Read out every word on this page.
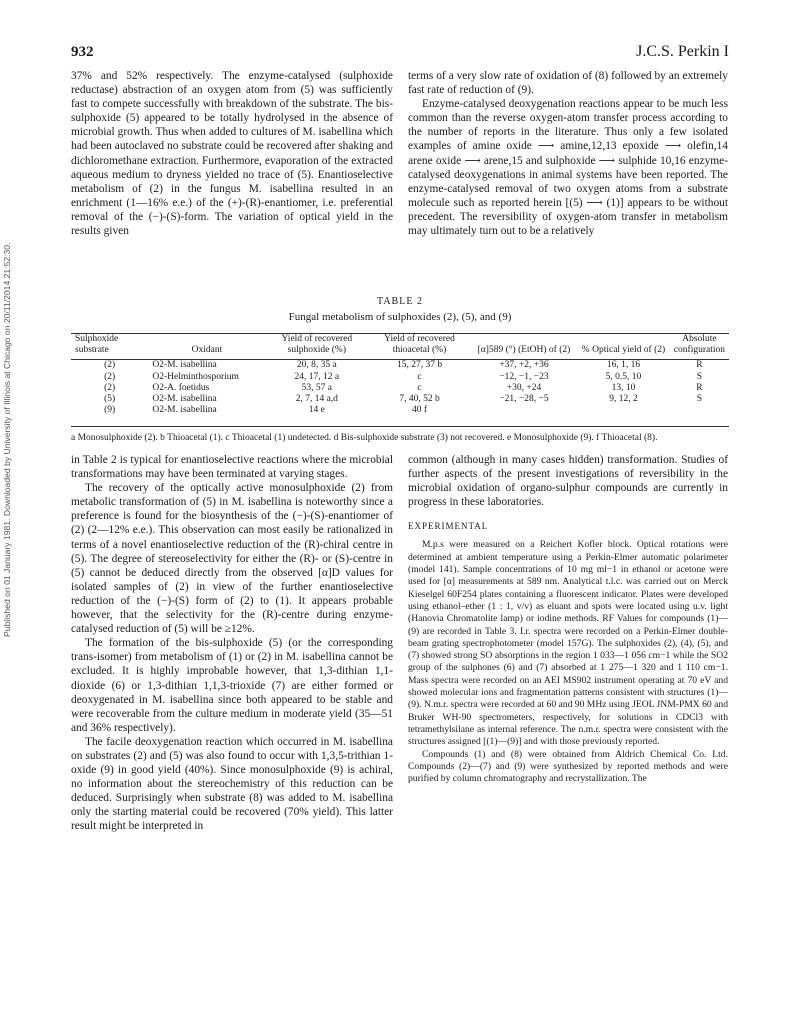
Published on 01 January 1981. Downloaded by University of Illinois at Chicago on 20/11/2014 21:52:30.
932	J.C.S. Perkin I

37% and 52% respectively. The enzyme-catalysed (sulphoxide reductase) abstraction of an oxygen atom from (5) was sufficiently fast to compete successfully with breakdown of the substrate. The bis-sulphoxide (5) appeared to be totally hydrolysed in the absence of microbial growth. Thus when added to cultures of M. isabellina which had been autoclaved no substrate could be recovered after shaking and dichloromethane extraction. Furthermore, evaporation of the extracted aqueous medium to dryness yielded no trace of (5). Enantioselective metabolism of (2) in the fungus M. isabellina resulted in an enrichment (1—16% e.e.) of the (+)-(R)-enantiomer, i.e. preferential removal of the (−)-(S)-form. The variation of optical yield in the results given

terms of a very slow rate of oxidation of (8) followed by an extremely fast rate of reduction of (9).

Enzyme-catalysed deoxygenation reactions appear to be much less common than the reverse oxygen-atom transfer process according to the number of reports in the literature. Thus only a few isolated examples of amine oxide ⟶ amine,12,13 epoxide ⟶ olefin,14 arene oxide ⟶ arene,15 and sulphoxide ⟶ sulphide 10,16 enzyme-catalysed deoxygenations in animal systems have been reported. The enzyme-catalysed removal of two oxygen atoms from a substrate molecule such as reported herein [(5) ⟶ (1)] appears to be without precedent. The reversibility of oxygen-atom transfer in metabolism may ultimately turn out to be a relatively

TABLE 2
Fungal metabolism of sulphoxides (2), (5), and (9)
Sulphoxide substrate	Oxidant	Yield of recovered sulphoxide (%)	Yield of recovered thioacetal (%)	[α]589 (°) (EtOH) of (2)	% Optical yield of (2)	Absolute configuration
(2)	O2-M. isabellina	20, 8, 35 a	15, 27, 37 b	+37, +2, +36	16, 1, 16	R
(2)	O2-Helminthosporium	24, 17, 12 a	c	−12, −1, −23	5, 0.5, 10	S
(2)	O2-A. foetidus	53, 57 a	c	+30, +24	13, 10	R
(5)	O2-M. isabellina	2, 7, 14 a,d	7, 40, 52 b	−21, −28, −5	9, 12, 2	S
(9)	O2-M. isabellina	14 e	40 f			
a Monosulphoxide (2). b Thioacetal (1). c Thioacetal (1) undetected. d Bis-sulphoxide substrate (3) not recovered. e Monosulphoxide (9). f Thioacetal (8).

in Table 2 is typical for enantioselective reactions where the microbial transformations may have been terminated at varying stages.

The recovery of the optically active monosulphoxide (2) from metabolic transformation of (5) in M. isabellina is noteworthy since a preference is found for the biosynthesis of the (−)-(S)-enantiomer of (2) (2—12% e.e.). This observation can most easily be rationalized in terms of a novel enantioselective reduction of the (R)-chiral centre in (5). The degree of stereoselectivity for either the (R)- or (S)-centre in (5) cannot be deduced directly from the observed [α]D values for isolated samples of (2) in view of the further enantioselective reduction of the (−)-(S) form of (2) to (1). It appears probable however, that the selectivity for the (R)-centre during enzyme-catalysed reduction of (5) will be ≥12%.

The formation of the bis-sulphoxide (5) (or the corresponding trans-isomer) from metabolism of (1) or (2) in M. isabellina cannot be excluded. It is highly improbable however, that 1,3-dithian 1,1-dioxide (6) or 1,3-dithian 1,1,3-trioxide (7) are either formed or deoxygenated in M. isabellina since both appeared to be stable and were recoverable from the culture medium in moderate yield (35—51 and 36% respectively).

The facile deoxygenation reaction which occurred in M. isabellina on substrates (2) and (5) was also found to occur with 1,3,5-trithian 1-oxide (9) in good yield (40%). Since monosulphoxide (9) is achiral, no information about the stereochemistry of this reduction can be deduced. Surprisingly when substrate (8) was added to M. isabellina only the starting material could be recovered (70% yield). This latter result might be interpreted in

common (although in many cases hidden) transformation. Studies of further aspects of the present investigations of reversibility in the microbial oxidation of organo-sulphur compounds are currently in progress in these laboratories.

EXPERIMENTAL

M.p.s were measured on a Reichert Kofler block. Optical rotations were determined at ambient temperature using a Perkin-Elmer automatic polarimeter (model 141). Sample concentrations of 10 mg ml−1 in ethanol or acetone were used for [α] measurements at 589 nm. Analytical t.l.c. was carried out on Merck Kieselgel 60F254 plates containing a fluorescent indicator. Plates were developed using ethanol–ether (1 : 1, v/v) as eluant and spots were located using u.v. light (Hanovia Chromatolite lamp) or iodine methods. RF Values for compounds (1)—(9) are recorded in Table 3. I.r. spectra were recorded on a Perkin-Elmer double-beam grating spectrophotometer (model 157G). The sulphoxides (2), (4), (5), and (7) showed strong SO absorptions in the region 1 033—1 056 cm−1 while the SO2 group of the sulphones (6) and (7) absorbed at 1 275—1 320 and 1 110 cm−1. Mass spectra were recorded on an AEI MS902 instrument operating at 70 eV and showed molecular ions and fragmentation patterns consistent with structures (1)—(9). N.m.r. spectra were recorded at 60 and 90 MHz using JEOL JNM-PMX 60 and Bruker WH-90 spectrometers, respectively, for solutions in CDCl3 with tetramethylsilane as internal reference. The n.m.r. spectra were consistent with the structures assigned [(1)—(9)] and with those previously reported.

Compounds (1) and (8) were obtained from Aldrich Chemical Co. Ltd. Compounds (2)—(7) and (9) were synthesized by reported methods and were purified by column chromatography and recrystallization. The
